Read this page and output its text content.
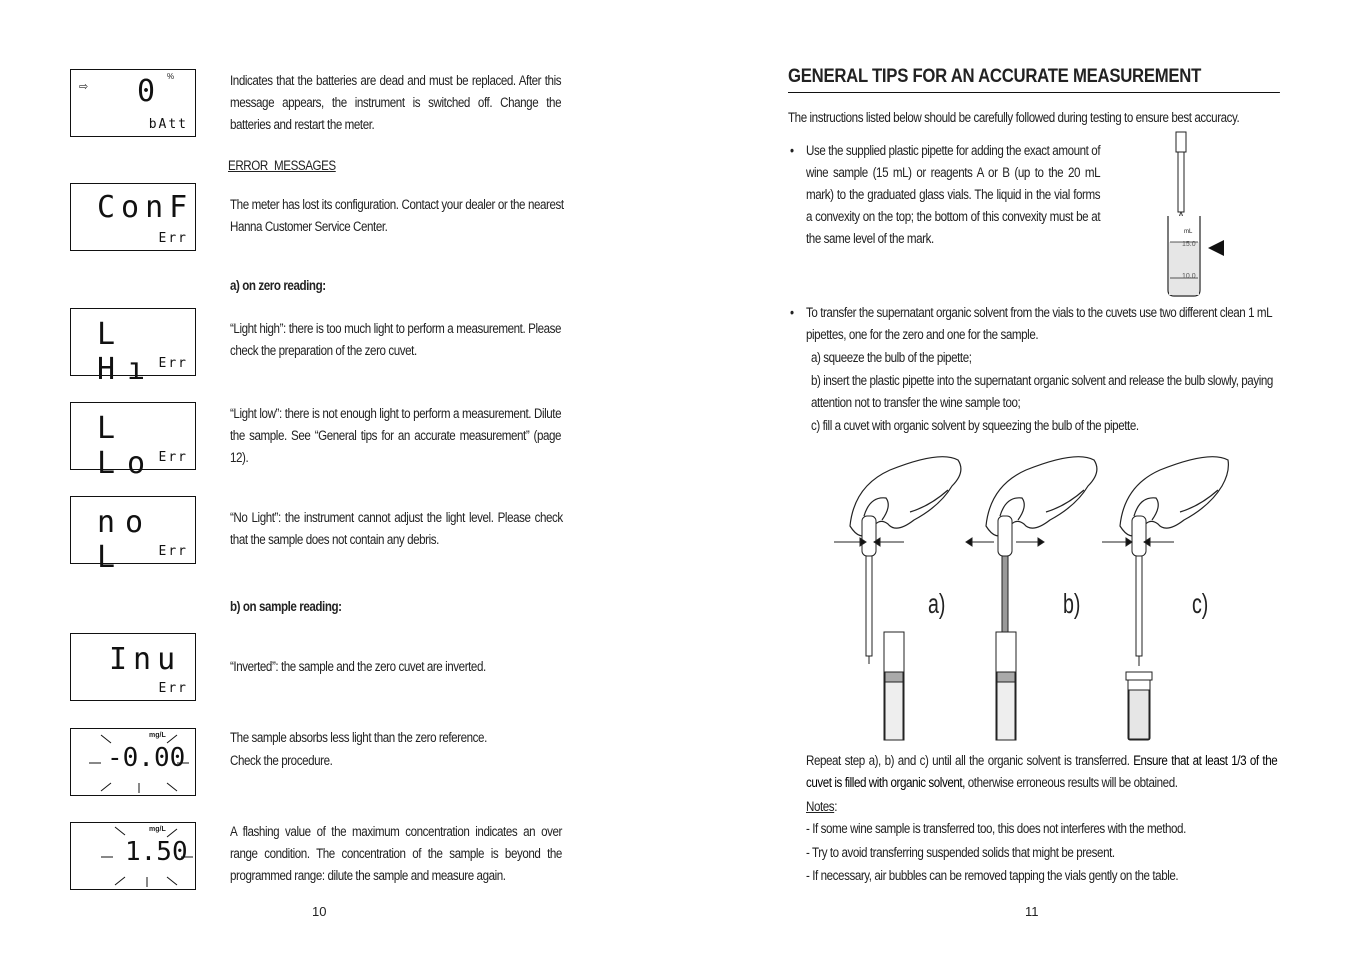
⇨
%
0
bAtt
Indicates that the batteries are dead and must be replaced. After this message appears, the instrument is switched off. Change the batteries and restart the meter.
ERROR MESSAGES
ConF
Err
The meter has lost its configuration. Contact your dealer or the nearest Hanna Customer Service Center.
a) on zero reading:
L Hı Err
“Light high”: there is too much light to perform a measurement. Please check the preparation of the zero cuvet.
L Lo Err
“Light low”: there is not enough light to perform a measurement. Dilute the sample. See “General tips for an accurate measurement” (page 12).
no L	Err
“No Light”: the instrument cannot adjust the light level. Please check that the sample does not contain any debris.
b) on sample reading:
Inu
Err
“Inverted”: the sample and the zero cuvet are inverted.
mg/L
-0.00
The sample absorbs less light than the zero reference.
Check the procedure.
mg/L
1.50
A flashing value of the maximum concentration indicates an over range condition. The concentration of the sample is beyond the programmed range: dilute the sample and measure again.
10
GENERAL TIPS FOR AN ACCURATE MEASUREMENT
The instructions listed below should be carefully followed during testing to ensure best accuracy.
• Use the supplied plastic pipette for adding the exact amount of wine sample (15 mL) or reagents A or B (up to the 20 mL mark) to the graduated glass vials. The liquid in the vial forms a convexity on the top; the bottom of this convexity must be at the same level of the mark.	mL
15.0
10.0
• To transfer the supernatant organic solvent from the vials to the cuvets use two different clean 1 mL pipettes, one for the zero and one for the sample.
a) squeeze the bulb of the pipette;
b) insert the plastic pipette into the supernatant organic solvent and release the bulb slowly, paying attention not to transfer the wine sample too;
c) fill a cuvet with organic solvent by squeezing the bulb of the pipette.
a)	b)	c)
Repeat step a), b) and c) until all the organic solvent is transferred. Ensure that at least 1/3 of the cuvet is filled with organic solvent, otherwise erroneous results will be obtained.
Notes:
- If some wine sample is transferred too, this does not interferes with the method.
- Try to avoid transferring suspended solids that might be present.
- If necessary, air bubbles can be removed tapping the vials gently on the table.
11
